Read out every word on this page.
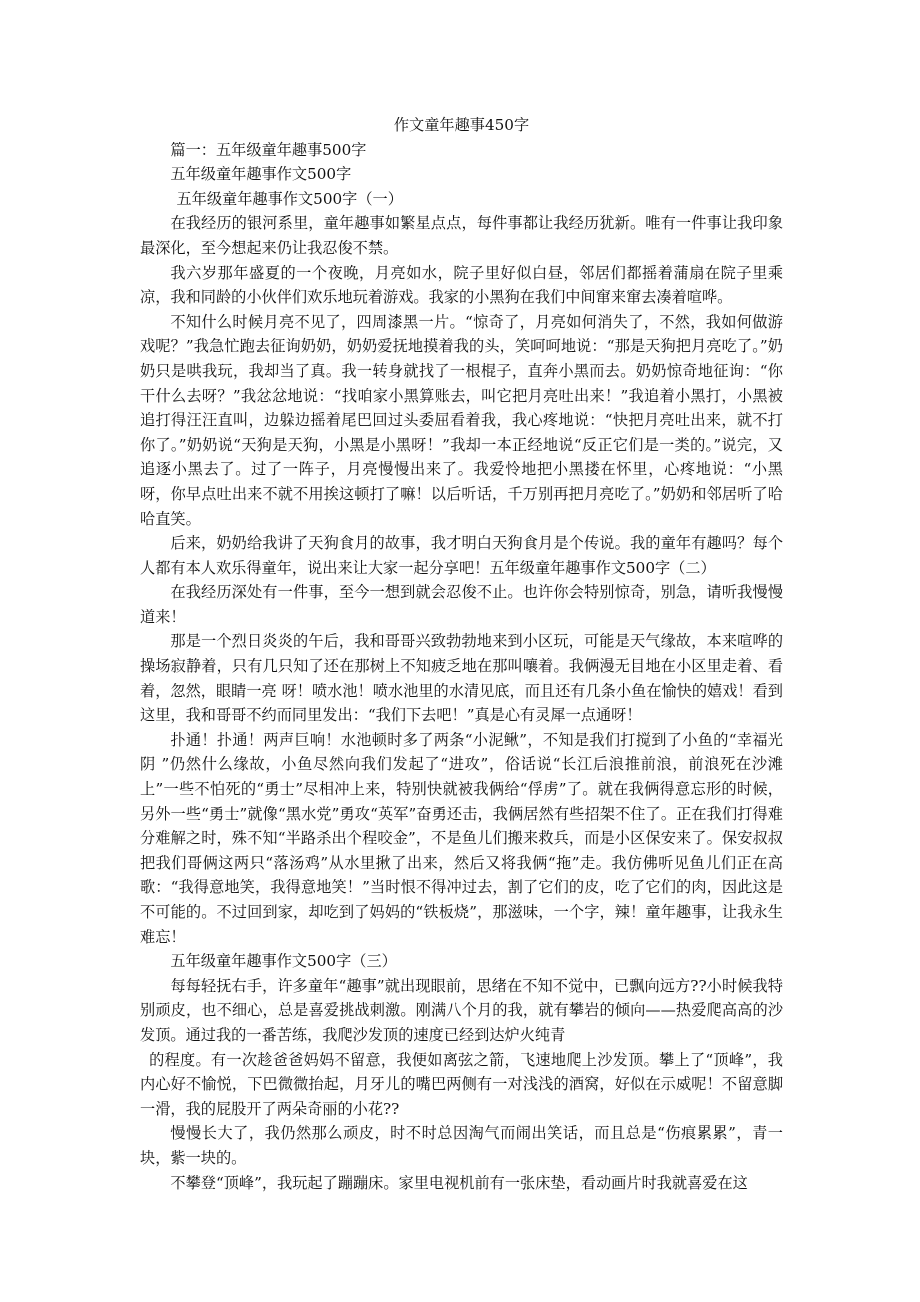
作文童年趣事450字

篇一：五年级童年趣事500字

五年级童年趣事作文500字

五年级童年趣事作文500字（一）

在我经历的银河系里，童年趣事如繁星点点，每件事都让我经历犹新。唯有一件事让我印象最深化，至今想起来仍让我忍俊不禁。

我六岁那年盛夏的一个夜晚，月亮如水，院子里好似白昼，邻居们都摇着蒲扇在院子里乘凉，我和同龄的小伙伴们欢乐地玩着游戏。我家的小黑狗在我们中间窜来窜去凑着喧哗。

不知什么时候月亮不见了，四周漆黑一片。“惊奇了，月亮如何消失了，不然，我如何做游戏呢？”我急忙跑去征询奶奶，奶奶爱抚地摸着我的头，笑呵呵地说：“那是天狗把月亮吃了。”奶奶只是哄我玩，我却当了真。我一转身就找了一根棍子，直奔小黑而去。奶奶惊奇地征询：“你干什么去呀？”我忿忿地说：“找咱家小黑算账去，叫它把月亮吐出来！”我追着小黑打，小黑被追打得汪汪直叫，边躲边摇着尾巴回过头委屈看着我，我心疼地说：“快把月亮吐出来，就不打你了。”奶奶说“天狗是天狗，小黑是小黑呀！”我却一本正经地说“反正它们是一类的。”说完，又追逐小黑去了。过了一阵子，月亮慢慢出来了。我爱怜地把小黑搂在怀里，心疼地说：“小黑呀，你早点吐出来不就不用挨这顿打了嘛！以后听话，千万别再把月亮吃了。”奶奶和邻居听了哈哈直笑。

后来，奶奶给我讲了天狗食月的故事，我才明白天狗食月是个传说。我的童年有趣吗？每个人都有本人欢乐得童年，说出来让大家一起分享吧！五年级童年趣事作文500字（二）

在我经历深处有一件事，至今一想到就会忍俊不止。也许你会特别惊奇，别急，请听我慢慢道来！

那是一个烈日炎炎的午后，我和哥哥兴致勃勃地来到小区玩，可能是天气缘故，本来喧哗的操场寂静着，只有几只知了还在那树上不知疲乏地在那叫嚷着。我俩漫无目地在小区里走着、看着，忽然，眼睛一亮 呀！喷水池！喷水池里的水清见底，而且还有几条小鱼在愉快的嬉戏！看到这里，我和哥哥不约而同里发出：“我们下去吧！”真是心有灵犀一点通呀！

扑通！扑通！两声巨响！水池顿时多了两条“小泥鳅”，不知是我们打搅到了小鱼的“幸福光阴 ”仍然什么缘故，小鱼尽然向我们发起了“进攻”，俗话说“长江后浪推前浪，前浪死在沙滩上”一些不怕死的“勇士”尽相冲上来，特别快就被我俩给“俘虏”了。就在我俩得意忘形的时候，另外一些“勇士”就像“黑水党”勇攻“英军”奋勇还击，我俩居然有些招架不住了。正在我们打得难分难解之时，殊不知“半路杀出个程咬金”，不是鱼儿们搬来救兵，而是小区保安来了。保安叔叔把我们哥俩这两只“落汤鸡”从水里揪了出来，然后又将我俩“拖”走。我仿佛听见鱼儿们正在高歌：“我得意地笑，我得意地笑！”当时恨不得冲过去，割了它们的皮，吃了它们的肉，因此这是不可能的。不过回到家，却吃到了妈妈的“铁板烧”，那滋味，一个字，辣！童年趣事，让我永生难忘！

五年级童年趣事作文500字（三）

每每轻抚右手，许多童年“趣事”就出现眼前，思绪在不知不觉中，已飘向远方??小时候我特别顽皮，也不细心，总是喜爱挑战刺激。刚满八个月的我，就有攀岩的倾向——热爱爬高高的沙发顶。通过我的一番苦练，我爬沙发顶的速度已经到达炉火纯青

的程度。有一次趁爸爸妈妈不留意，我便如离弦之箭，飞速地爬上沙发顶。攀上了“顶峰”，我内心好不愉悦，下巴微微抬起，月牙儿的嘴巴两侧有一对浅浅的酒窝，好似在示威呢！不留意脚一滑，我的屁股开了两朵奇丽的小花??

慢慢长大了，我仍然那么顽皮，时不时总因淘气而闹出笑话，而且总是“伤痕累累”，青一块，紫一块的。

不攀登“顶峰”，我玩起了蹦蹦床。家里电视机前有一张床垫，看动画片时我就喜爱在这
